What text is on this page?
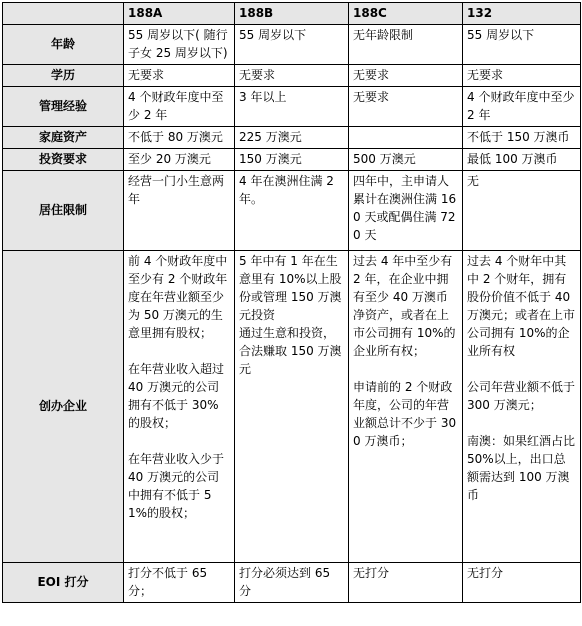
	188A	188B	188C	132
年龄	55 周岁以下( 随行子女 25 周岁以下)	55 周岁以下	无年龄限制	55 周岁以下
学历	无要求	无要求	无要求	无要求
管理经验	4 个财政年度中至少 2 年	3 年以上	无要求	4 个财政年度中至少 2 年
家庭资产	不低于 80 万澳元	225 万澳元		不低于 150 万澳币
投资要求	至少 20 万澳元	150 万澳元	500 万澳元	最低 100 万澳币
居住限制	经营一门小生意两年	4 年在澳洲住满 2 年。	四年中，主申请人累计在澳洲住满 160 天或配偶住满 720 天	无
创办企业	前 4 个财政年度中至少有 2 个财政年度在年营业额至少为 50 万澳元的生意里拥有股权；

在年营业收入超过 40 万澳元的公司拥有不低于 30%的股权；

在年营业收入少于 40 万澳元的公司中拥有不低于 51%的股权；	5 年中有 1 年在生意里有 10%以上股份或管理 150 万澳元投资
通过生意和投资，合法赚取 150 万澳元	过去 4 年中至少有 2 年，在企业中拥有至少 40 万澳币净资产，或者在上市公司拥有 10%的企业所有权；

申请前的 2 个财政年度，公司的年营业额总计不少于 300 万澳币；	过去 4 个财年中其中 2 个财年，拥有股份价值不低于 40 万澳元；或者在上市公司拥有 10%的企业所有权

公司年营业额不低于 300 万澳元；

南澳：如果红酒占比 50%以上，出口总额需达到 100 万澳币
EOI 打分	打分不低于 65 分；	打分必须达到 65 分	无打分	无打分
